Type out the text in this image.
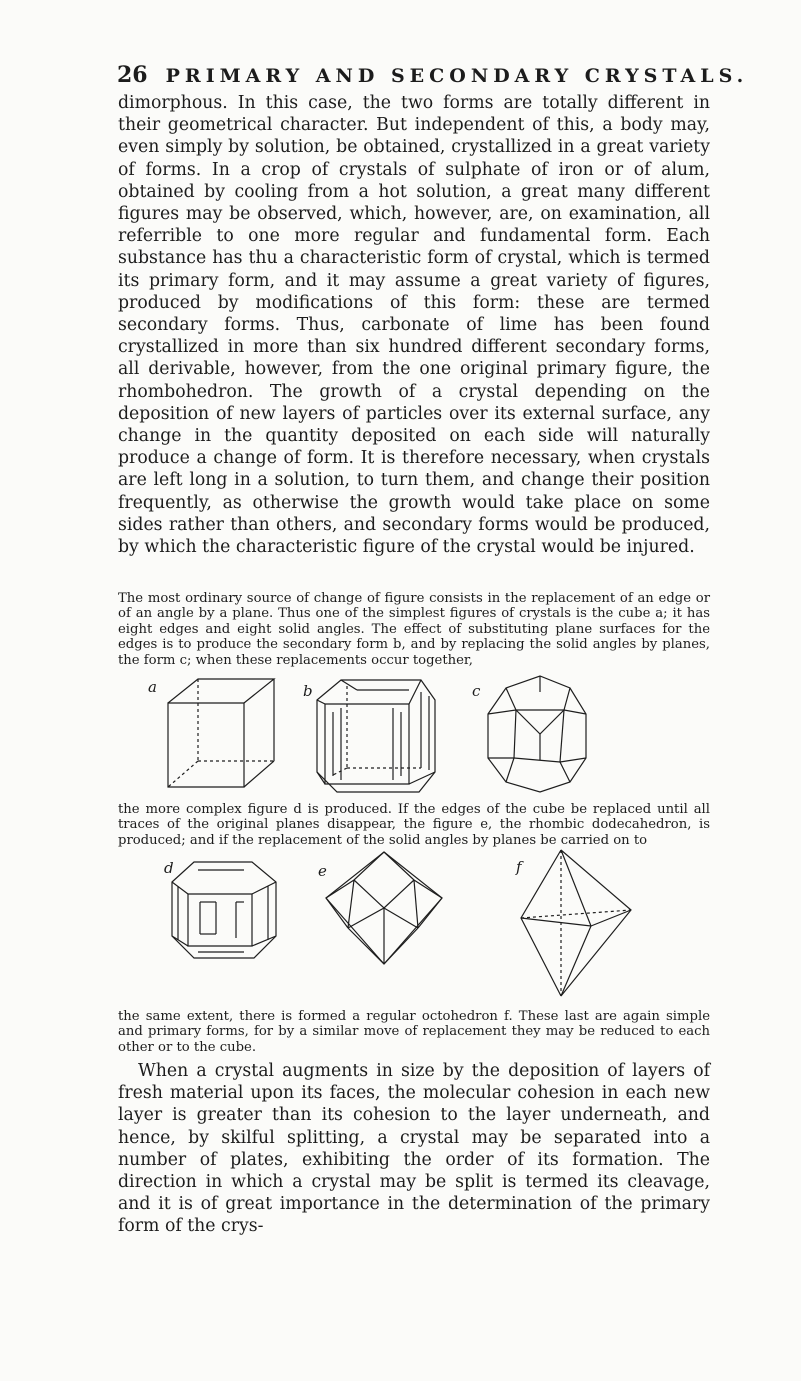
26 PRIMARY AND SECONDARY CRYSTALS.

dimorphous. In this case, the two forms are totally different in their geometrical character. But independent of this, a body may, even simply by solution, be obtained, crystallized in a great variety of forms. In a crop of crystals of sulphate of iron or of alum, obtained by cooling from a hot solution, a great many different figures may be observed, which, however, are, on examination, all referrible to one more regular and fundamental form. Each substance has thu a characteristic form of crystal, which is termed its primary form, and it may assume a great variety of figures, produced by modifications of this form: these are termed secondary forms. Thus, carbonate of lime has been found crystallized in more than six hundred different secondary forms, all derivable, however, from the one original primary figure, the rhombohedron. The growth of a crystal depending on the deposition of new layers of particles over its external surface, any change in the quantity deposited on each side will naturally produce a change of form. It is therefore necessary, when crystals are left long in a solution, to turn them, and change their position frequently, as otherwise the growth would take place on some sides rather than others, and secondary forms would be produced, by which the characteristic figure of the crystal would be injured.

The most ordinary source of change of figure consists in the replacement of an edge or of an angle by a plane. Thus one of the simplest figures of crystals is the cube a; it has eight edges and eight solid angles. The effect of substituting plane surfaces for the edges is to produce the secondary form b, and by replacing the solid angles by planes, the form c; when these replacements occur together,

a	b	c

the more complex figure d is produced. If the edges of the cube be replaced until all traces of the original planes disappear, the figure e, the rhombic dodecahedron, is produced; and if the replacement of the solid angles by planes be carried on to

d	e	f

the same extent, there is formed a regular octohedron f. These last are again simple and primary forms, for by a similar move of replacement they may be reduced to each other or to the cube.

When a crystal augments in size by the deposition of layers of fresh material upon its faces, the molecular cohesion in each new layer is greater than its cohesion to the layer underneath, and hence, by skilful splitting, a crystal may be separated into a number of plates, exhibiting the order of its formation. The direction in which a crystal may be split is termed its cleavage, and it is of great importance in the determination of the primary form of the crys-
